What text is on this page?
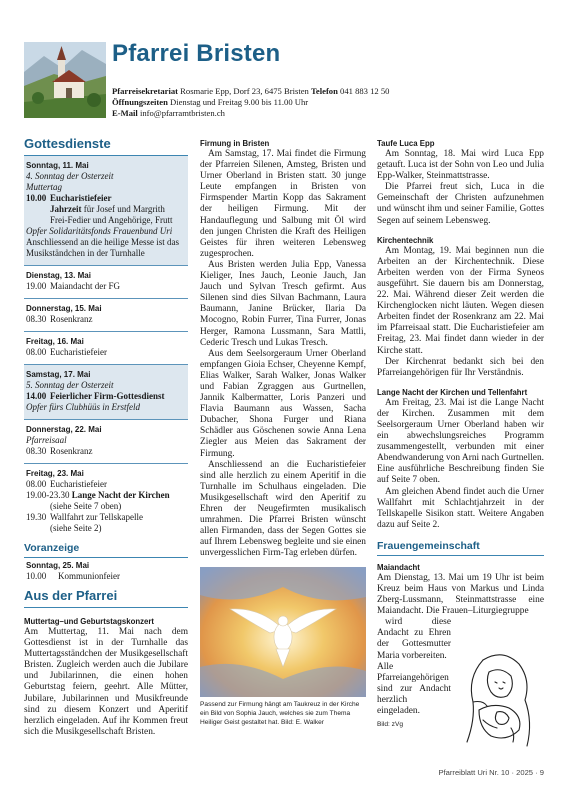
Pfarrei Bristen
Pfarreisekretariat Rosmarie Epp, Dorf 23, 6475 Bristen Telefon 041 883 12 50
Öffnungszeiten Dienstag und Freitag 9.00 bis 11.00 Uhr
E-Mail info@pfarramtbristen.ch
Gottesdienste
Sonntag, 11. Mai
4. Sonntag der Osterzeit
Muttertag
10.00 Eucharistiefeier
Jahrzeit für Josef und Margrith
Frei-Fedier und Angehörige, Frutt
Opfer Solidaritätsfonds Frauenbund Uri
Anschliessend an die heilige Messe ist das Musikständchen in der Turnhalle
Dienstag, 13. Mai
19.00 Maiandacht der FG
Donnerstag, 15. Mai
08.30 Rosenkranz
Freitag, 16. Mai
08.00 Eucharistiefeier
Samstag, 17. Mai
5. Sonntag der Osterzeit
14.00 Feierlicher Firm-Gottesdienst
Opfer fürs Clubhüüs in Erstfeld
Donnerstag, 22. Mai
Pfarreisaal
08.30 Rosenkranz
Freitag, 23. Mai
08.00 Eucharistiefeier
19.00-23.30 Lange Nacht der Kirchen
(siehe Seite 7 oben)
19.30 Wallfahrt zur Tellskapelle
(siehe Seite 2)
Voranzeige
Sonntag, 25. Mai
10.00	Kommunionfeier
Aus der Pfarrei
Muttertag–und Geburtstagskonzert
Am Muttertag, 11. Mai nach dem Gottesdienst ist in der Turnhalle das Muttertagsständchen der Musikgesellschaft Bristen. Zugleich werden auch die Jubilare und Jubilarinnen, die einen hohen Geburtstag feiern, geehrt. Alle Mütter, Jubilare, Jubilarinnen und Musikfreunde sind zu diesem Konzert und Aperitif herzlich eingeladen. Auf ihr Kommen freut sich die Musikgesellschaft Bristen.
Firmung in Bristen
Am Samstag, 17. Mai findet die Firmung der Pfarreien Silenen, Amsteg, Bristen und Urner Oberland in Bristen statt. 30 junge Leute empfangen in Bristen von Firmspender Martin Kopp das Sakrament der heiligen Firmung. Mit der Handauflegung und Salbung mit Öl wird den jungen Christen die Kraft des Heiligen Geistes für ihren weiteren Lebensweg zugesprochen.
Aus Bristen werden Julia Epp, Vanessa Kieliger, Ines Jauch, Leonie Jauch, Jan Jauch und Sylvan Tresch gefirmt. Aus Silenen sind dies Silvan Bachmann, Laura Baumann, Janine Brücker, Ilaria Da Mocogno, Robin Furrer, Tina Furrer, Jonas Herger, Ramona Lussmann, Sara Mattli, Cederic Tresch und Lukas Tresch.
Aus dem Seelsorgeraum Urner Oberland empfangen Gioia Echser, Cheyenne Kempf, Elias Walker, Sarah Walker, Jonas Walker und Fabian Zgraggen aus Gurtnellen, Jannik Kalbermatter, Loris Panzeri und Flavia Baumann aus Wassen, Sacha Dubacher, Shona Furger und Riana Schädler aus Göschenen sowie Anna Lena Ziegler aus Meien das Sakrament der Firmung.
Anschliessend an die Eucharistiefeier sind alle herzlich zu einem Aperitif in die Turnhalle im Schulhaus eingeladen. Die Musikgesellschaft wird den Aperitif zu Ehren der Neugefirmten musikalisch umrahmen. Die Pfarrei Bristen wünscht allen Firmanden, dass der Segen Gottes sie auf Ihrem Lebensweg begleite und sie einen unvergesslichen Firm-Tag erleben dürfen.
Passend zur Firmung hängt am Taukreuz in der Kirche ein Bild von Sophia Jauch, welches sie zum Thema Heiliger Geist gestaltet hat. Bild: E. Walker
Taufe Luca Epp
Am Sonntag, 18. Mai wird Luca Epp getauft. Luca ist der Sohn von Leo und Julia Epp-Walker, Steinmattstrasse.
Die Pfarrei freut sich, Luca in die Gemeinschaft der Christen aufzunehmen und wünscht ihm und seiner Familie, Gottes Segen auf seinem Lebensweg.
Kirchentechnik
Am Montag, 19. Mai beginnen nun die Arbeiten an der Kirchentechnik. Diese Arbeiten werden von der Firma Syneos ausgeführt. Sie dauern bis am Donnerstag, 22. Mai. Während dieser Zeit werden die Kirchenglocken nicht läuten. Wegen diesen Arbeiten findet der Rosenkranz am 22. Mai im Pfarreisaal statt. Die Eucharistiefeier am Freitag, 23. Mai findet dann wieder in der Kirche statt.
Der Kirchenrat bedankt sich bei den Pfarreiangehörigen für Ihr Verständnis.
Lange Nacht der Kirchen und Tellenfahrt
Am Freitag, 23. Mai ist die Lange Nacht der Kirchen. Zusammen mit dem Seelsorgeraum Urner Oberland haben wir ein abwechslungsreiches Programm zusammengestellt, verbunden mit einer Abendwanderung von Arni nach Gurtnellen. Eine ausführliche Beschreibung finden Sie auf Seite 7 oben.
Am gleichen Abend findet auch die Urner Wallfahrt mit Schlachtjahrzeit in der Tellskapelle Sisikon statt. Weitere Angaben dazu auf Seite 2.
Frauengemeinschaft
Maiandacht
Am Dienstag, 13. Mai um 19 Uhr ist beim Kreuz beim Haus von Markus und Linda Zberg-Lussmann, Steinmattstrasse eine Maiandacht. Die Frauen–Liturgiegruppe
wird diese Andacht zu Ehren der Gottesmutter Maria vorbereiten.
Alle Pfarreiangehörigen sind zur Andacht herzlich eingeladen.
Bild: zVg
Pfarreiblatt Uri Nr. 10 · 2025 · 9
